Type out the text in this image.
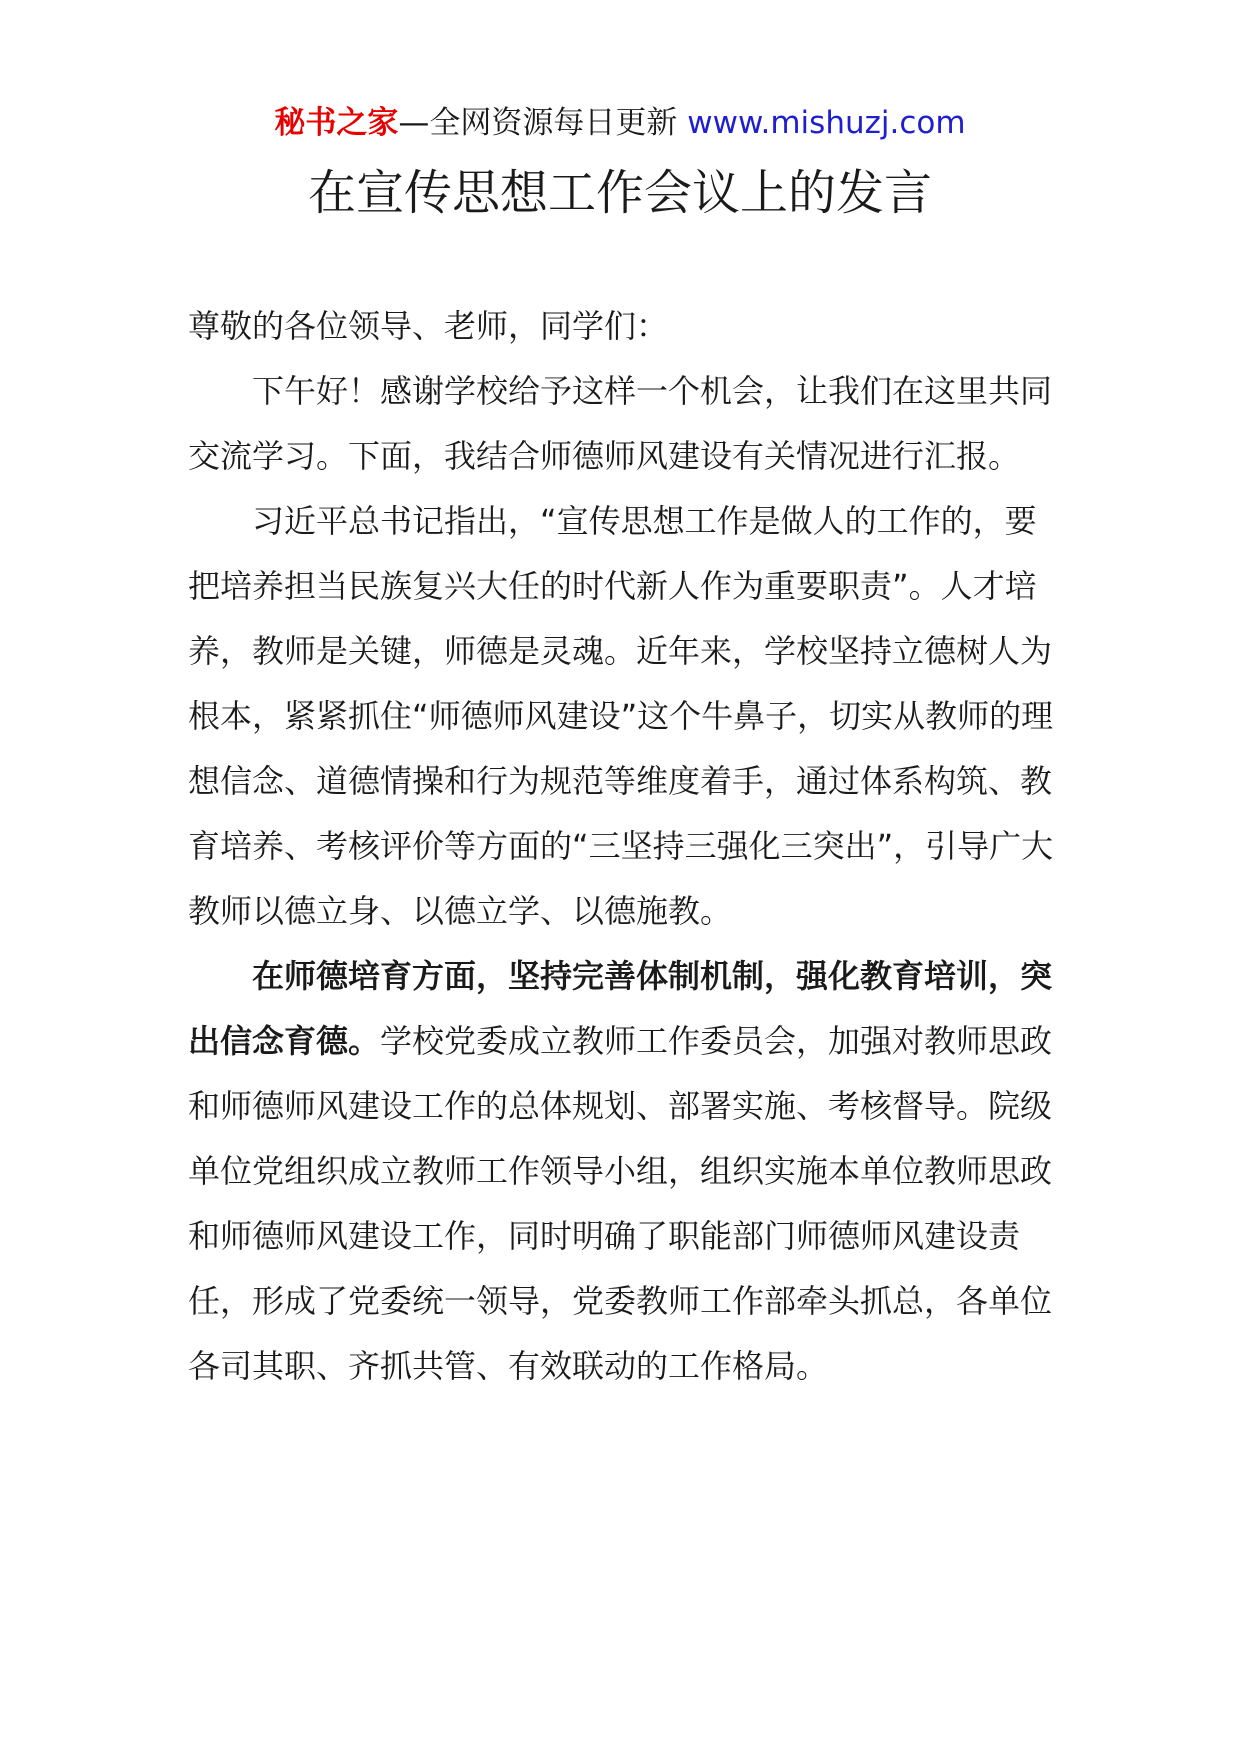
秘书之家—全网资源每日更新 www.mishuzj.com
在宣传思想工作会议上的发言

尊敬的各位领导、老师，同学们：

下午好！感谢学校给予这样一个机会，让我们在这里共同交流学习。下面，我结合师德师风建设有关情况进行汇报。

习近平总书记指出，“宣传思想工作是做人的工作的，要把培养担当民族复兴大任的时代新人作为重要职责”。人才培养，教师是关键，师德是灵魂。近年来，学校坚持立德树人为根本，紧紧抓住“师德师风建设”这个牛鼻子，切实从教师的理想信念、道德情操和行为规范等维度着手，通过体系构筑、教育培养、考核评价等方面的“三坚持三强化三突出”，引导广大教师以德立身、以德立学、以德施教。

在师德培育方面，坚持完善体制机制，强化教育培训，突出信念育德。学校党委成立教师工作委员会，加强对教师思政和师德师风建设工作的总体规划、部署实施、考核督导。院级单位党组织成立教师工作领导小组，组织实施本单位教师思政和师德师风建设工作，同时明确了职能部门师德师风建设责任，形成了党委统一领导，党委教师工作部牵头抓总，各单位各司其职、齐抓共管、有效联动的工作格局。
